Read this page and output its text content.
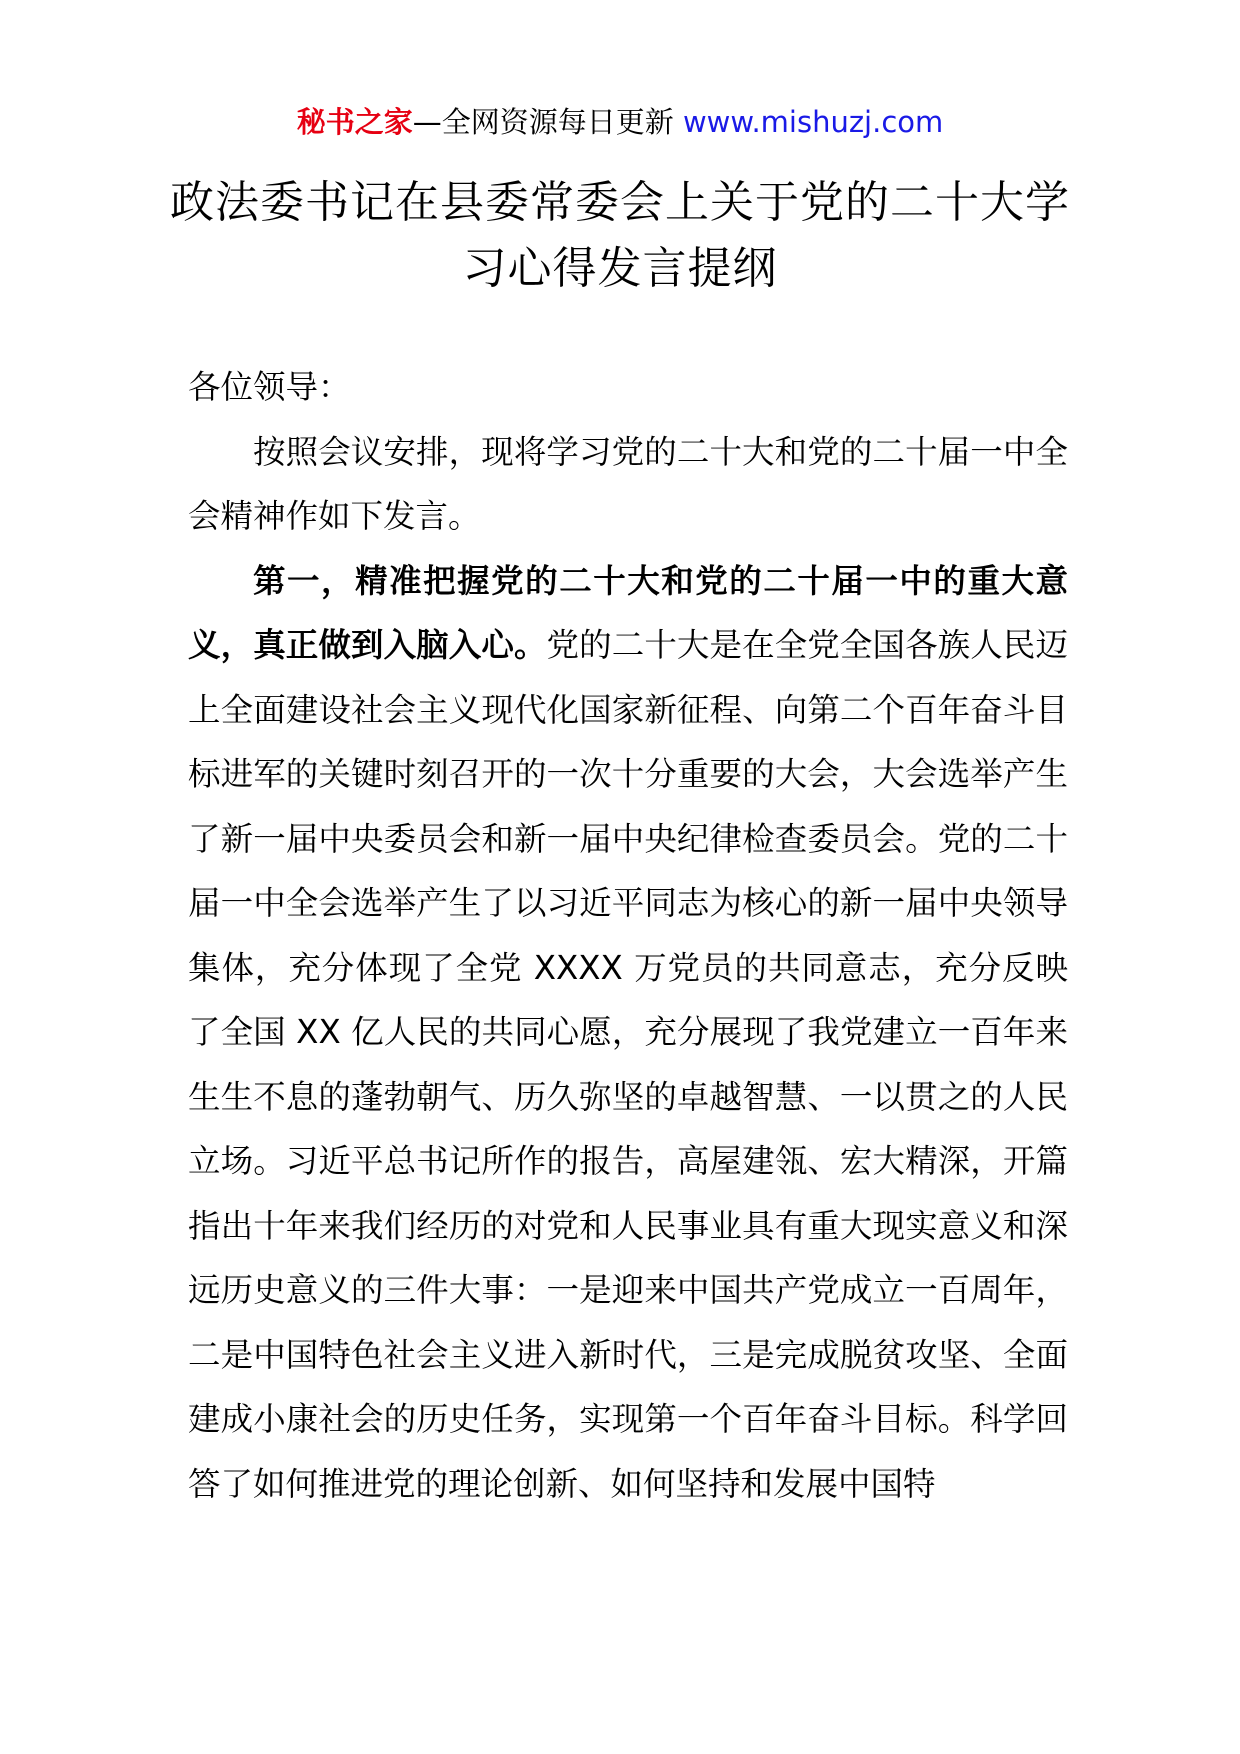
秘书之家—全网资源每日更新 www.mishuzj.com
政法委书记在县委常委会上关于党的二十大学习心得发言提纲

各位领导：

按照会议安排，现将学习党的二十大和党的二十届一中全会精神作如下发言。

第一，精准把握党的二十大和党的二十届一中的重大意义，真正做到入脑入心。党的二十大是在全党全国各族人民迈上全面建设社会主义现代化国家新征程、向第二个百年奋斗目标进军的关键时刻召开的一次十分重要的大会，大会选举产生了新一届中央委员会和新一届中央纪律检查委员会。党的二十届一中全会选举产生了以习近平同志为核心的新一届中央领导集体，充分体现了全党 XXXX 万党员的共同意志，充分反映了全国 XX 亿人民的共同心愿，充分展现了我党建立一百年来生生不息的蓬勃朝气、历久弥坚的卓越智慧、一以贯之的人民立场。习近平总书记所作的报告，高屋建瓴、宏大精深，开篇指出十年来我们经历的对党和人民事业具有重大现实意义和深远历史意义的三件大事：一是迎来中国共产党成立一百周年，二是中国特色社会主义进入新时代，三是完成脱贫攻坚、全面建成小康社会的历史任务，实现第一个百年奋斗目标。科学回答了如何推进党的理论创新、如何坚持和发展中国特
